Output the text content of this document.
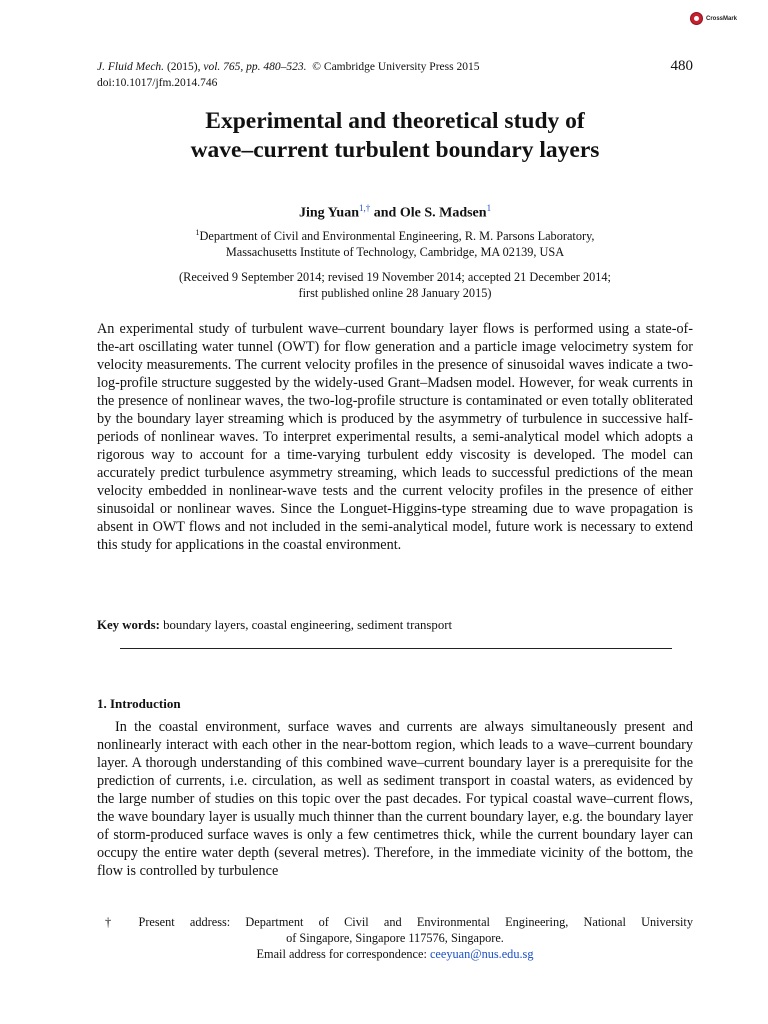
CrossMark
J. Fluid Mech. (2015), vol. 765, pp. 480–523. © Cambridge University Press 2015
doi:10.1017/jfm.2014.746
480
Experimental and theoretical study of
wave–current turbulent boundary layers
Jing Yuan$^{1,\dagger}$ and Ole S. Madsen$^1$
$^1$Department of Civil and Environmental Engineering, R. M. Parsons Laboratory,
Massachusetts Institute of Technology, Cambridge, MA 02139, USA
(Received 9 September 2014; revised 19 November 2014; accepted 21 December 2014;
first published online 28 January 2015)
An experimental study of turbulent wave–current boundary layer flows is performed using a state-of-the-art oscillating water tunnel (OWT) for flow generation and a particle image velocimetry system for velocity measurements. The current velocity profiles in the presence of sinusoidal waves indicate a two-log-profile structure suggested by the widely-used Grant–Madsen model. However, for weak currents in the presence of nonlinear waves, the two-log-profile structure is contaminated or even totally obliterated by the boundary layer streaming which is produced by the asymmetry of turbulence in successive half-periods of nonlinear waves. To interpret experimental results, a semi-analytical model which adopts a rigorous way to account for a time-varying turbulent eddy viscosity is developed. The model can accurately predict turbulence asymmetry streaming, which leads to successful predictions of the mean velocity embedded in nonlinear-wave tests and the current velocity profiles in the presence of either sinusoidal or nonlinear waves. Since the Longuet-Higgins-type streaming due to wave propagation is absent in OWT flows and not included in the semi-analytical model, future work is necessary to extend this study for applications in the coastal environment.
Key words: boundary layers, coastal engineering, sediment transport
1. Introduction
In the coastal environment, surface waves and currents are always simultaneously present and nonlinearly interact with each other in the near-bottom region, which leads to a wave–current boundary layer. A thorough understanding of this combined wave–current boundary layer is a prerequisite for the prediction of currents, i.e. circulation, as well as sediment transport in coastal waters, as evidenced by the large number of studies on this topic over the past decades. For typical coastal wave–current flows, the wave boundary layer is usually much thinner than the current boundary layer, e.g. the boundary layer of storm-produced surface waves is only a few centimetres thick, while the current boundary layer can occupy the entire water depth (several metres). Therefore, in the immediate vicinity of the bottom, the flow is controlled by turbulence
† Present address: Department of Civil and Environmental Engineering, National University
of Singapore, Singapore 117576, Singapore.
Email address for correspondence: ceeyuan@nus.edu.sg
